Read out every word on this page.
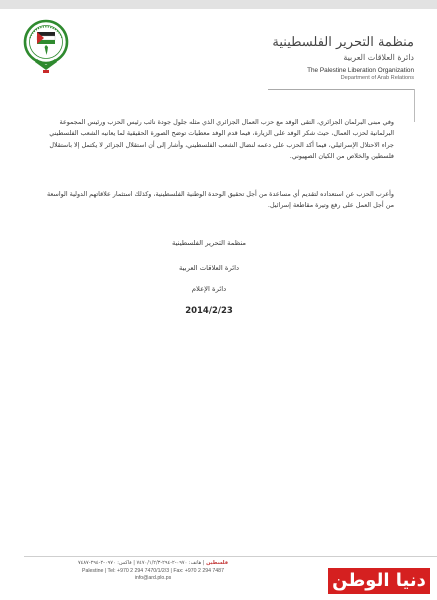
منظمة التحرير الفلسطينية
دائرة العلاقات العربية
The Palestine Liberation Organization
Department of Arab Relations
وفي مبنى البرلمان الجزائري، التقى الوفد مع حزب العمال الجزائري الذي مثله جلول جودة نائب رئيس الحزب ورئيس المجموعة البرلمانية لحزب العمال، حيث شكر الوفد على الزيارة، فيما قدم الوفد معطيات توضح الصورة الحقيقية لما يعانيه الشعب الفلسطيني جراء الاحتلال الإسرائيلي، فيما أكد الحزب على دعمه لنضال الشعب الفلسطيني، وأشار إلى أن استقلال الجزائر لا يكتمل إلا باستقلال فلسطين والخلاص من الكيان الصهيوني.
وأعرب الحزب عن استعداده لتقديم أي مساعدة من أجل تحقيق الوحدة الوطنية الفلسطينية، وكذلك استثمار علاقاتهم الدولية الواسعة من أجل العمل على رفع وتيرة مقاطعة إسرائيل.
منظمة التحرير الفلسطينية
دائرة العلاقات العربية
دائرة الإعلام
2014/2/23
فلسطين | هاتف: ٠٩٧٠-٢-٢٩٤-٧٤٧٠/١/٢/٣ | فاكس: ٠٩٧٠-٢-٢٩٤-٧٤٨٧
Palestine | Tel: +970 2 294 7470/1/2/3 | Fax: +970 2 294 7487
info@ard.plo.ps	دنيا الوطن
